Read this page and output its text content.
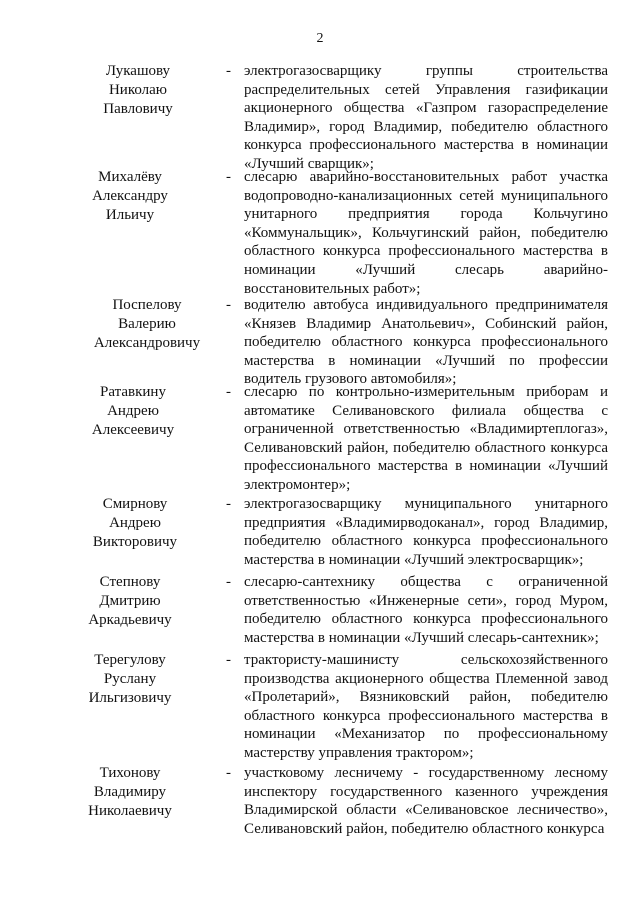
2
Лукашову
Николаю
Павловичу
- электрогазосварщику группы строительства распределительных сетей Управления газификации акционерного общества «Газпром газораспределение Владимир», город Владимир, победителю областного конкурса профессионального мастерства в номинации «Лучший сварщик»;
Михалёву
Александру
Ильичу
- слесарю аварийно-восстановительных работ участка водопроводно-канализационных сетей муниципального унитарного предприятия города Кольчугино «Коммунальщик», Кольчугинский район, победителю областного конкурса профессионального мастерства в номинации «Лучший слесарь аварийно-восстановительных работ»;
Поспелову
Валерию
Александровичу
- водителю автобуса индивидуального предпринимателя «Князев Владимир Анатольевич», Собинский район, победителю областного конкурса профессионального мастерства в номинации «Лучший по профессии водитель грузового автомобиля»;
Ратавкину
Андрею
Алексеевичу
- слесарю по контрольно-измерительным приборам и автоматике Селивановского филиала общества с ограниченной ответственностью «Владимиртеплогаз», Селивановский район, победителю областного конкурса профессионального мастерства в номинации «Лучший электромонтер»;
Смирнову
Андрею
Викторовичу
- электрогазосварщику муниципального унитарного предприятия «Владимирводоканал», город Владимир, победителю областного конкурса профессионального мастерства в номинации «Лучший электросварщик»;
Степнову
Дмитрию
Аркадьевичу
- слесарю-сантехнику общества с ограниченной ответственностью «Инженерные сети», город Муром, победителю областного конкурса профессионального мастерства в номинации «Лучший слесарь-сантехник»;
Терегулову
Руслану
Ильгизовичу
- трактористу-машинисту сельскохозяйственного производства акционерного общества Племенной завод «Пролетарий», Вязниковский район, победителю областного конкурса профессионального мастерства в номинации «Механизатор по профессиональному мастерству управления трактором»;
Тихонову
Владимиру
Николаевичу
- участковому лесничему - государственному лесному инспектору государственного казенного учреждения Владимирской области «Селивановское лесничество», Селивановский район, победителю областного конкурса
